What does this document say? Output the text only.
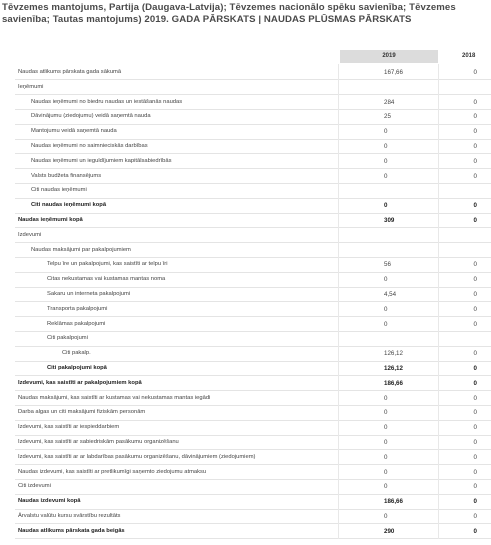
Tēvzemes mantojums, Partija (Daugava-Latvija); Tēvzemes nacionālo spēku savienība; Tēvzemes savienība; Tautas mantojums) 2019. GADA PĀRSKATS | NAUDAS PLŪSMAS PĀRSKATS
2019	2018
Naudas atlikums pārskata gada sākumā	167,66	0
Ieņēmumi
Naudas ieņēmumi no biedru naudas un iestāšanās naudas	284	0
Dāvinājumu (ziedojumu) veidā saņemtā nauda	25	0
Mantojumu veidā saņemtā nauda	0	0
Naudas ieņēmumi no saimnieciskās darbības	0	0
Naudas ieņēmumi un ieguldījumiem kapitālsabiedrībās	0	0
Valsts budžeta finansējums	0	0
Citi naudas ieņēmumi
Citi naudas ieņēmumi kopā	0	0
Naudas ieņēmumi kopā	309	0
Izdevumi
Naudas maksājumi par pakalpojumiem
Telpu īre un pakalpojumi, kas saistīti ar telpu īri	56	0
Citas nekustamas vai kustamas mantas noma	0	0
Sakaru un interneta pakalpojumi	4,54	0
Transporta pakalpojumi	0	0
Reklāmas pakalpojumi	0	0
Citi pakalpojumi
Citi pakalp.	126,12	0
Citi pakalpojumi kopā	126,12	0
Izdevumi, kas saistīti ar pakalpojumiem kopā	186,66	0
Naudas maksājumi, kas saistīti ar kustamas vai nekustamas mantas iegādi	0	0
Darba algas un citi maksājumi fiziskām personām	0	0
Izdevumi, kas saistīti ar iespieddarbiem	0	0
Izdevumi, kas saistīti ar sabiedriskām pasākumu organizēšanu	0	0
Izdevumi, kas saistīti ar ar labdarības pasākumu organizēšanu, dāvinājumiem (ziedojumiem)	0	0
Naudas izdevumi, kas saistīti ar pretlikumīgi saņemto ziedojumu atmaksu	0	0
Citi izdevumi	0	0
Naudas izdevumi kopā	186,66	0
Ārvalstu valūtu kursu svārstību rezultāts	0	0
Naudas atlikums pārskata gada beigās	290	0
